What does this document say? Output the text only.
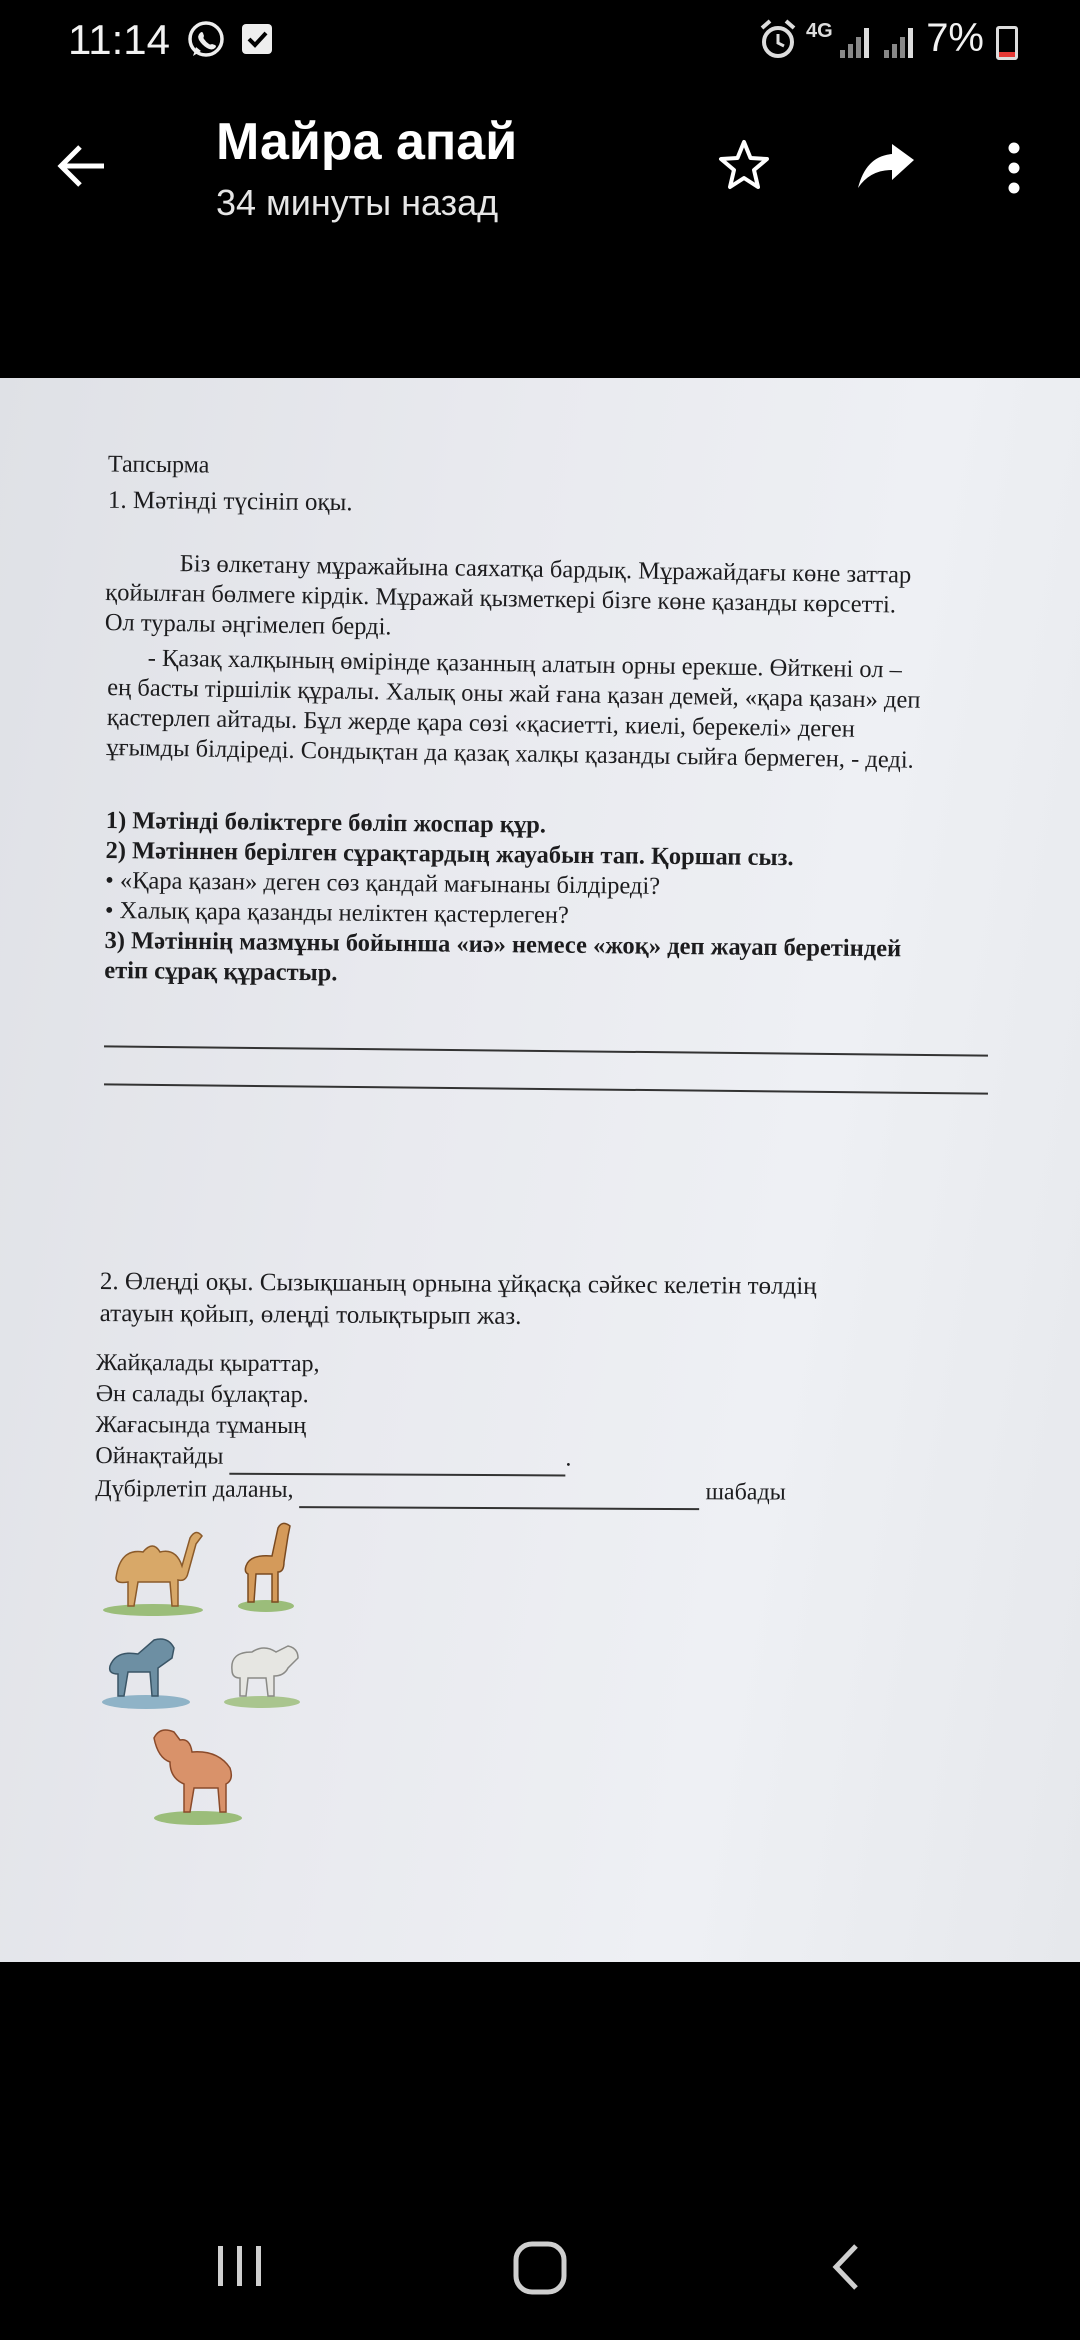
11:14	4G 7%
Майра апай
34 минуты назад
Тапсырма
1. Мәтінді түсініп оқы.
Біз өлкетану мұражайына саяхатқа бардық. Мұражайдағы көне заттар
қойылған бөлмеге кірдік. Мұражай қызметкері бізге көне қазанды көрсетті.
Ол туралы әңгімелеп берді.
- Қазақ халқының өмірінде қазанның алатын орны ерекше. Өйткені ол –
ең басты тіршілік құралы. Халық оны жай ғана қазан демей, «қара қазан» деп
қастерлеп айтады. Бұл жерде қара сөзі «қасиетті, киелі, берекелі» деген
ұғымды білдіреді. Сондықтан да қазақ халқы қазанды сыйға бермеген, - деді.
1) Мәтінді бөліктерге бөліп жоспар құр.
2) Мәтіннен берілген сұрақтардың жауабын тап. Қоршап сыз.
• «Қара қазан» деген сөз қандай мағынаны білдіреді?
• Халық қара қазанды неліктен қастерлеген?
3) Мәтіннің мазмұны бойынша «иә» немесе «жоқ» деп жауап беретіндей
етіп сұрақ құрастыр.
2. Өлеңді оқы. Сызықшаның орнына ұйқасқа сәйкес келетін төлдің
атауын қойып, өлеңді толықтырып жаз.
Жайқалады қыраттар,
Ән салады бұлақтар.
Жағасында тұманың
Ойнақтайды	.
Дүбірлетіп даланы,	шабады
